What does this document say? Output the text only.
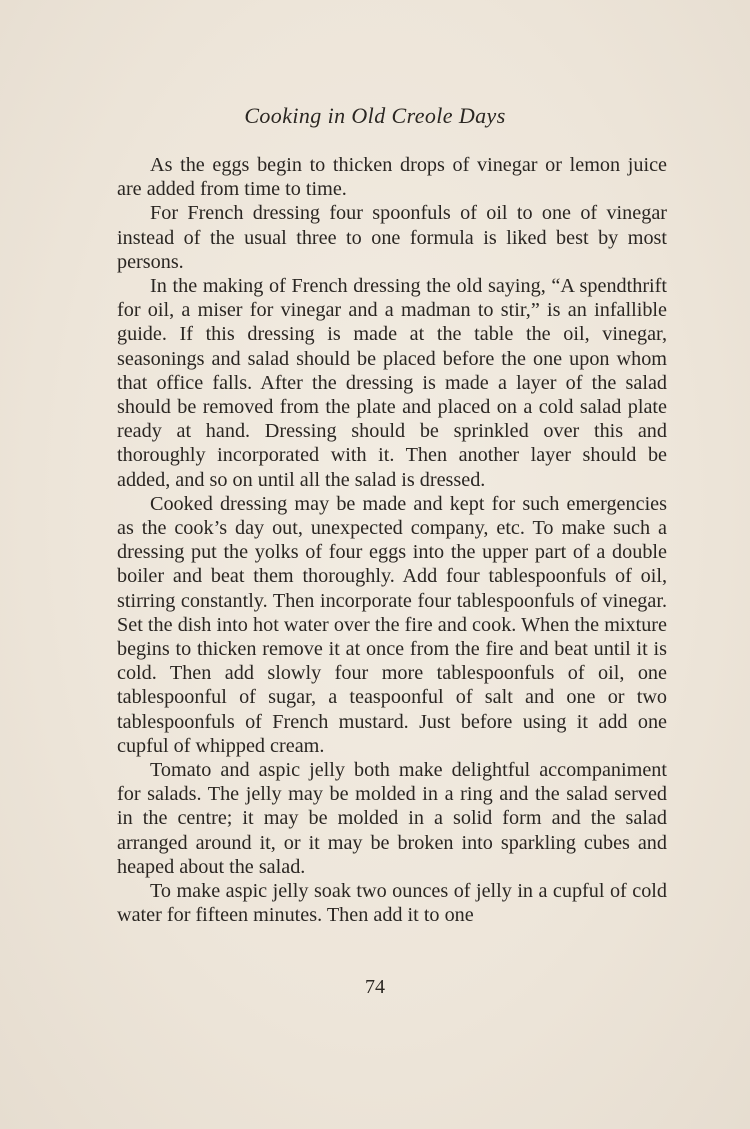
Cooking in Old Creole Days

As the eggs begin to thicken drops of vinegar or lemon juice are added from time to time.

For French dressing four spoonfuls of oil to one of vinegar instead of the usual three to one formula is liked best by most persons.

In the making of French dressing the old saying, “A spendthrift for oil, a miser for vinegar and a madman to stir,” is an infallible guide. If this dressing is made at the table the oil, vinegar, seasonings and salad should be placed before the one upon whom that office falls. After the dressing is made a layer of the salad should be removed from the plate and placed on a cold salad plate ready at hand. Dressing should be sprinkled over this and thoroughly incorporated with it. Then another layer should be added, and so on until all the salad is dressed.

Cooked dressing may be made and kept for such emergencies as the cook’s day out, unexpected company, etc. To make such a dressing put the yolks of four eggs into the upper part of a double boiler and beat them thoroughly. Add four tablespoonfuls of oil, stirring constantly. Then incorporate four tablespoonfuls of vinegar. Set the dish into hot water over the fire and cook. When the mixture begins to thicken remove it at once from the fire and beat until it is cold. Then add slowly four more tablespoonfuls of oil, one tablespoonful of sugar, a teaspoonful of salt and one or two tablespoonfuls of French mustard. Just before using it add one cupful of whipped cream.

Tomato and aspic jelly both make delightful accompaniment for salads. The jelly may be molded in a ring and the salad served in the centre; it may be molded in a solid form and the salad arranged around it, or it may be broken into sparkling cubes and heaped about the salad.

To make aspic jelly soak two ounces of jelly in a cupful of cold water for fifteen minutes. Then add it to one

74
